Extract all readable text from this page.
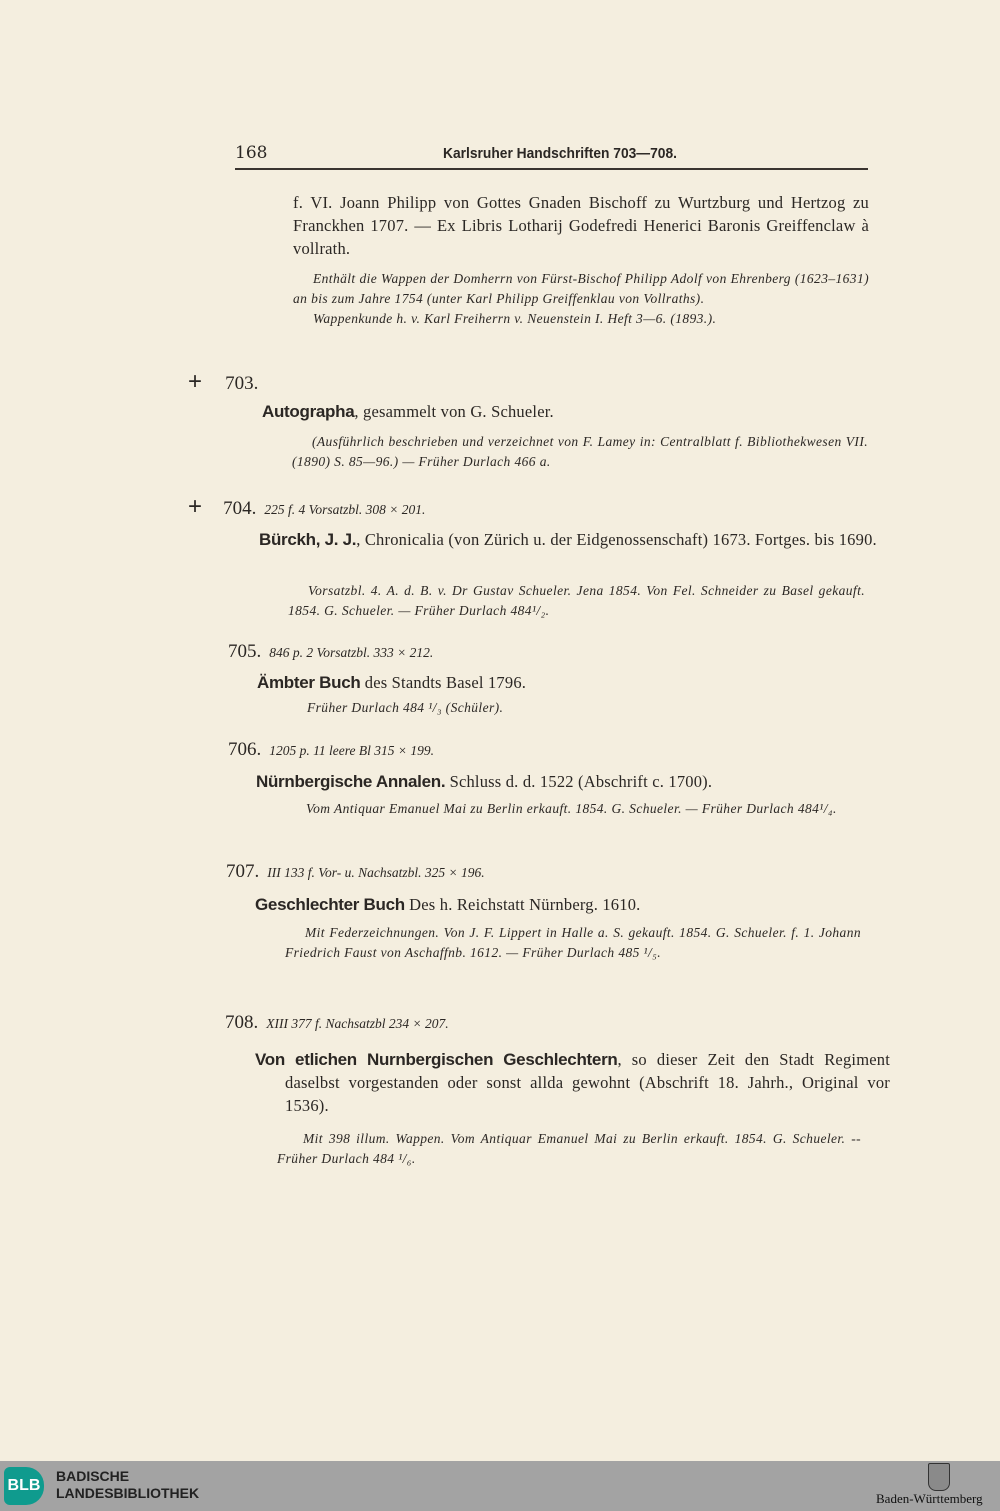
168	Karlsruher Handschriften 703—708.
f. VI. Joann Philipp von Gottes Gnaden Bischoff zu Wurtzburg und Hertzog zu Franckhen 1707. — Ex Libris Lotharij Godefredi Henerici Baronis Greiffenclaw à vollrath.
Enthält die Wappen der Domherrn von Fürst-Bischof Philipp Adolf von Ehrenberg (1623–1631) an bis zum Jahre 1754 (unter Karl Philipp Greiffenklau von Vollraths).
Wappenkunde h. v. Karl Freiherrn v. Neuenstein I. Heft 3—6. (1893.).
+ 703.
Autographa, gesammelt von G. Schueler.
(Ausführlich beschrieben und verzeichnet von F. Lamey in: Centralblatt f. Bibliothekwesen VII. (1890) S. 85—96.) — Früher Durlach 466 a.
+ 704. 225 f. 4 Vorsatzbl. 308 × 201.
Bürckh, J. J., Chronicalia (von Zürich u. der Eidgenossenschaft) 1673. Fortges. bis 1690.
Vorsatzbl. 4. A. d. B. v. Dr Gustav Schueler. Jena 1854. Von Fel. Schneider zu Basel gekauft. 1854. G. Schueler. — Früher Durlach 484¹/₂.
705. 846 p. 2 Vorsatzbl. 333 × 212.
Ämbter Buch des Standts Basel 1796.
Früher Durlach 484 ¹/₃ (Schüler).
706. 1205 p. 11 leere Bl 315 × 199.
Nürnbergische Annalen. Schluss d. d. 1522 (Abschrift c. 1700).
Vom Antiquar Emanuel Mai zu Berlin erkauft. 1854. G. Schueler. — Früher Durlach 484¹/₄.
707. III 133 f. Vor- u. Nachsatzbl. 325 × 196.
Geschlechter Buch Des h. Reichstatt Nürnberg. 1610.
Mit Federzeichnungen. Von J. F. Lippert in Halle a. S. gekauft. 1854. G. Schueler. f. 1. Johann Friedrich Faust von Aschaffnb. 1612. — Früher Durlach 485 ¹/₅.
708. XIII 377 f. Nachsatzbl 234 × 207.
Von etlichen Nurnbergischen Geschlechtern, so dieser Zeit den Stadt Regiment daselbst vorgestanden oder sonst allda gewohnt (Abschrift 18. Jahrh., Original vor 1536).
Mit 398 illum. Wappen. Vom Antiquar Emanuel Mai zu Berlin erkauft. 1854. G. Schueler. -- Früher Durlach 484 ¹/₆.
BLB
BADISCHE
LANDESBIBLIOTHEK	Baden-Württemberg
